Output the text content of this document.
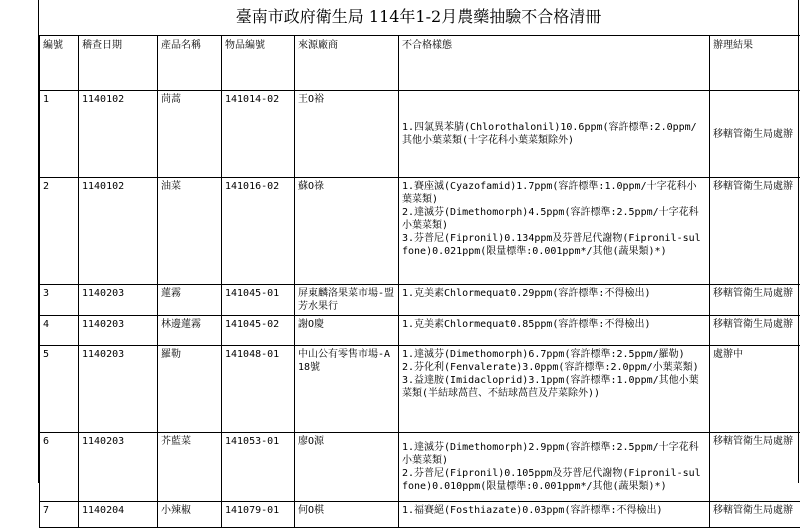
臺南市政府衛生局 114年1-2月農藥抽驗不合格清冊
編號	稽查日期	產品名稱	物品編號	來源廠商	不合格樣態	辦理結果
1	1140102	茼蒿	141014-02	王O裕	1.四氯異苯腈(Chlorothalonil)10.6ppm(容許標準:2.0ppm/其他小葉菜類(十字花科小葉菜類除外)	移轄管衛生局處辦
2	1140102	油菜	141016-02	蘇O祿	1.賽座滅(Cyazofamid)1.7ppm(容許標準:1.0ppm/十字花科小葉菜類)
2.達滅芬(Dimethomorph)4.5ppm(容許標準:2.5ppm/十字花科小葉菜類)
3.芬普尼(Fipronil)0.134ppm及芬普尼代謝物(Fipronil-sulfone)0.021ppm(限量標準:0.001ppm*/其他(蔬果類)*)	移轄管衛生局處辦
3	1140203	蓮霧	141045-01	屏東麟洛果菜市場-盟芳水果行	1.克美素Chlormequat0.29ppm(容許標準:不得檢出)	移轄管衛生局處辦
4	1140203	林邊蓮霧	141045-02	謝O慶	1.克美素Chlormequat0.85ppm(容許標準:不得檢出)	移轄管衛生局處辦
5	1140203	羅勒	141048-01	中山公有零售市場-A18號	1.達滅芬(Dimethomorph)6.7ppm(容許標準:2.5ppm/羅勒)
2.芬化利(Fenvalerate)3.0ppm(容許標準:2.0ppm/小葉菜類)
3.益達胺(Imidacloprid)3.1ppm(容許標準:1.0ppm/其他小葉菜類(半結球萵苣、不結球萵苣及芹菜除外))	處辦中
6	1140203	芥藍菜	141053-01	廖O源	1.達滅芬(Dimethomorph)2.9ppm(容許標準:2.5ppm/十字花科小葉菜類)
2.芬普尼(Fipronil)0.105ppm及芬普尼代謝物(Fipronil-sulfone)0.010ppm(限量標準:0.001ppm*/其他(蔬果類)*)	移轄管衛生局處辦
7	1140204	小辣椒	141079-01	何O棋	1.福賽絕(Fosthiazate)0.03ppm(容許標準:不得檢出)	移轄管衛生局處辦
